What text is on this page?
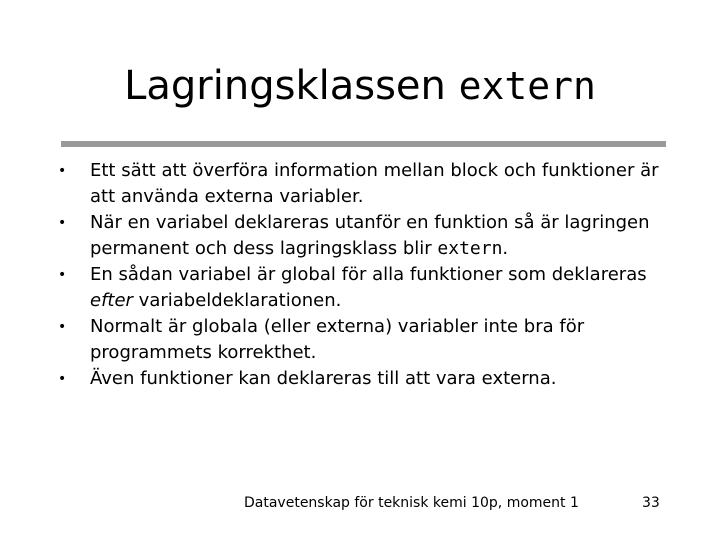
Lagringsklassen extern
• Ett sätt att överföra information mellan block och funktioner är att använda externa variabler.
• När en variabel deklareras utanför en funktion så är lagringen permanent och dess lagringsklass blir extern.
• En sådan variabel är global för alla funktioner som deklareras efter variabeldeklarationen.
• Normalt är globala (eller externa) variabler inte bra för programmets korrekthet.
• Även funktioner kan deklareras till att vara externa.
Datavetenskap för teknisk kemi 10p, moment 1	33
